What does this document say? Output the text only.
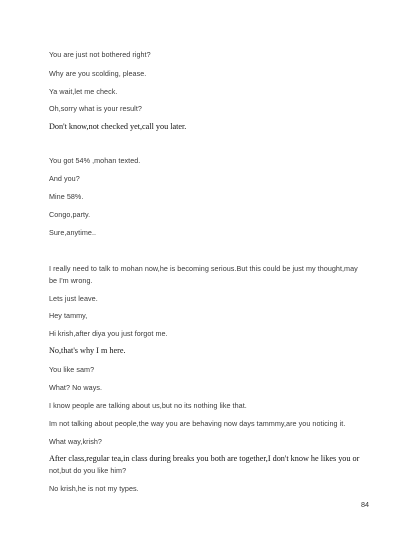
You are just not bothered right?
Why are you scolding, please.
Ya wait,let me check.
Oh,sorry what is your result?
Don't know,not checked yet,call you later.
You got 54% ,mohan texted.
And you?
Mine 58%.
Congo,party.
Sure,anytime..
I really need to talk to mohan now,he is becoming serious.But this could be just my thought,may
be I'm wrong.
Lets just leave.
Hey tammy,
Hi krish,after diya you just forgot me.
No,that's why I m here.
You like sam?
What? No ways.
I know people are talking about us,but no its nothing like that.
Im not talking about people,the way you are behaving now days tammmy,are you noticing it.
What way,krish?
After class,regular tea,in class during breaks you both are together,I don't know he likes you or
not,but do you like him?
No krish,he is not my types.
84
